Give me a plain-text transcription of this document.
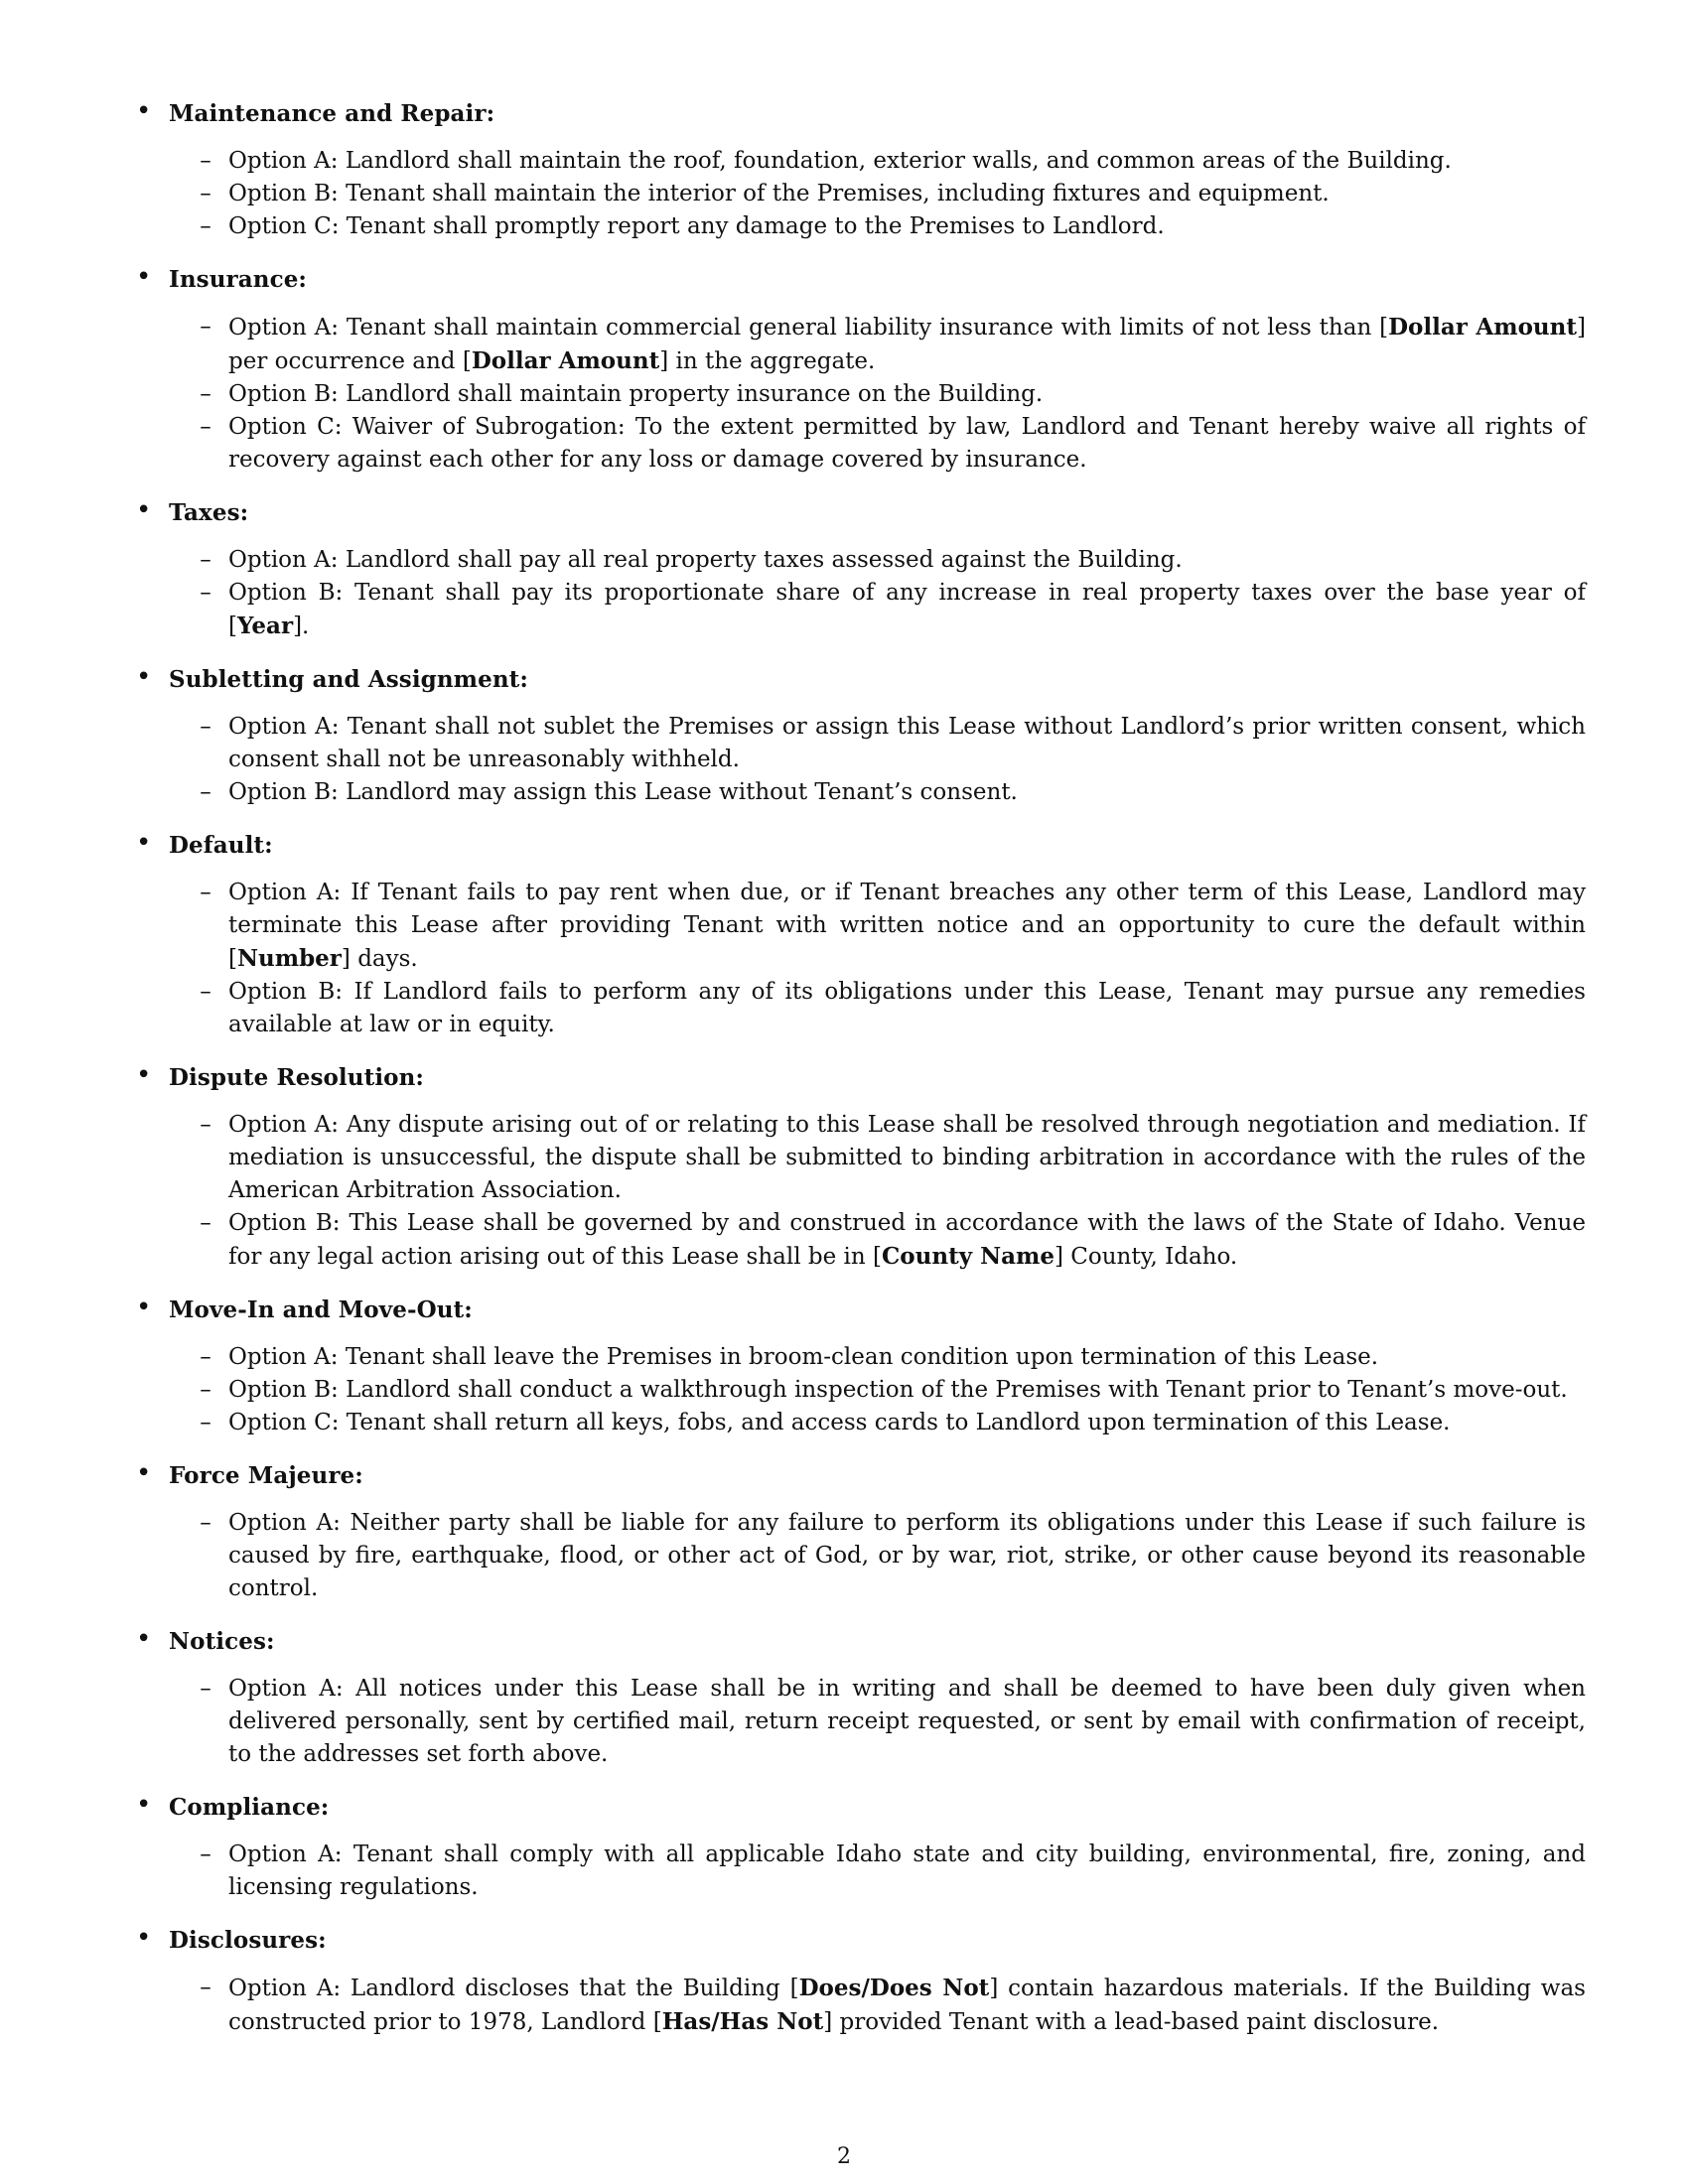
• Maintenance and Repair:
– Option A: Landlord shall maintain the roof, foundation, exterior walls, and common areas of the Building.
– Option B: Tenant shall maintain the interior of the Premises, including fixtures and equipment.
– Option C: Tenant shall promptly report any damage to the Premises to Landlord.
• Insurance:
– Option A: Tenant shall maintain commercial general liability insurance with limits of not less than [Dollar Amount] per occurrence and [Dollar Amount] in the aggregate.
– Option B: Landlord shall maintain property insurance on the Building.
– Option C: Waiver of Subrogation: To the extent permitted by law, Landlord and Tenant hereby waive all rights of recovery against each other for any loss or damage covered by insurance.
• Taxes:
– Option A: Landlord shall pay all real property taxes assessed against the Building.
– Option B: Tenant shall pay its proportionate share of any increase in real property taxes over the base year of [Year].
• Subletting and Assignment:
– Option A: Tenant shall not sublet the Premises or assign this Lease without Landlord’s prior written consent, which consent shall not be unreasonably withheld.
– Option B: Landlord may assign this Lease without Tenant’s consent.
• Default:
– Option A: If Tenant fails to pay rent when due, or if Tenant breaches any other term of this Lease, Landlord may terminate this Lease after providing Tenant with written notice and an opportunity to cure the default within [Number] days.
– Option B: If Landlord fails to perform any of its obligations under this Lease, Tenant may pursue any remedies available at law or in equity.
• Dispute Resolution:
– Option A: Any dispute arising out of or relating to this Lease shall be resolved through negotiation and mediation. If mediation is unsuccessful, the dispute shall be submitted to binding arbitration in accordance with the rules of the American Arbitration Association.
– Option B: This Lease shall be governed by and construed in accordance with the laws of the State of Idaho. Venue for any legal action arising out of this Lease shall be in [County Name] County, Idaho.
• Move-In and Move-Out:
– Option A: Tenant shall leave the Premises in broom-clean condition upon termination of this Lease.
– Option B: Landlord shall conduct a walkthrough inspection of the Premises with Tenant prior to Tenant’s move-out.
– Option C: Tenant shall return all keys, fobs, and access cards to Landlord upon termination of this Lease.
• Force Majeure:
– Option A: Neither party shall be liable for any failure to perform its obligations under this Lease if such failure is caused by fire, earthquake, flood, or other act of God, or by war, riot, strike, or other cause beyond its reasonable control.
• Notices:
– Option A: All notices under this Lease shall be in writing and shall be deemed to have been duly given when delivered personally, sent by certified mail, return receipt requested, or sent by email with confirmation of receipt, to the addresses set forth above.
• Compliance:
– Option A: Tenant shall comply with all applicable Idaho state and city building, environmental, fire, zoning, and licensing regulations.
• Disclosures:
– Option A: Landlord discloses that the Building [Does/Does Not] contain hazardous materials. If the Building was constructed prior to 1978, Landlord [Has/Has Not] provided Tenant with a lead-based paint disclosure.
2
